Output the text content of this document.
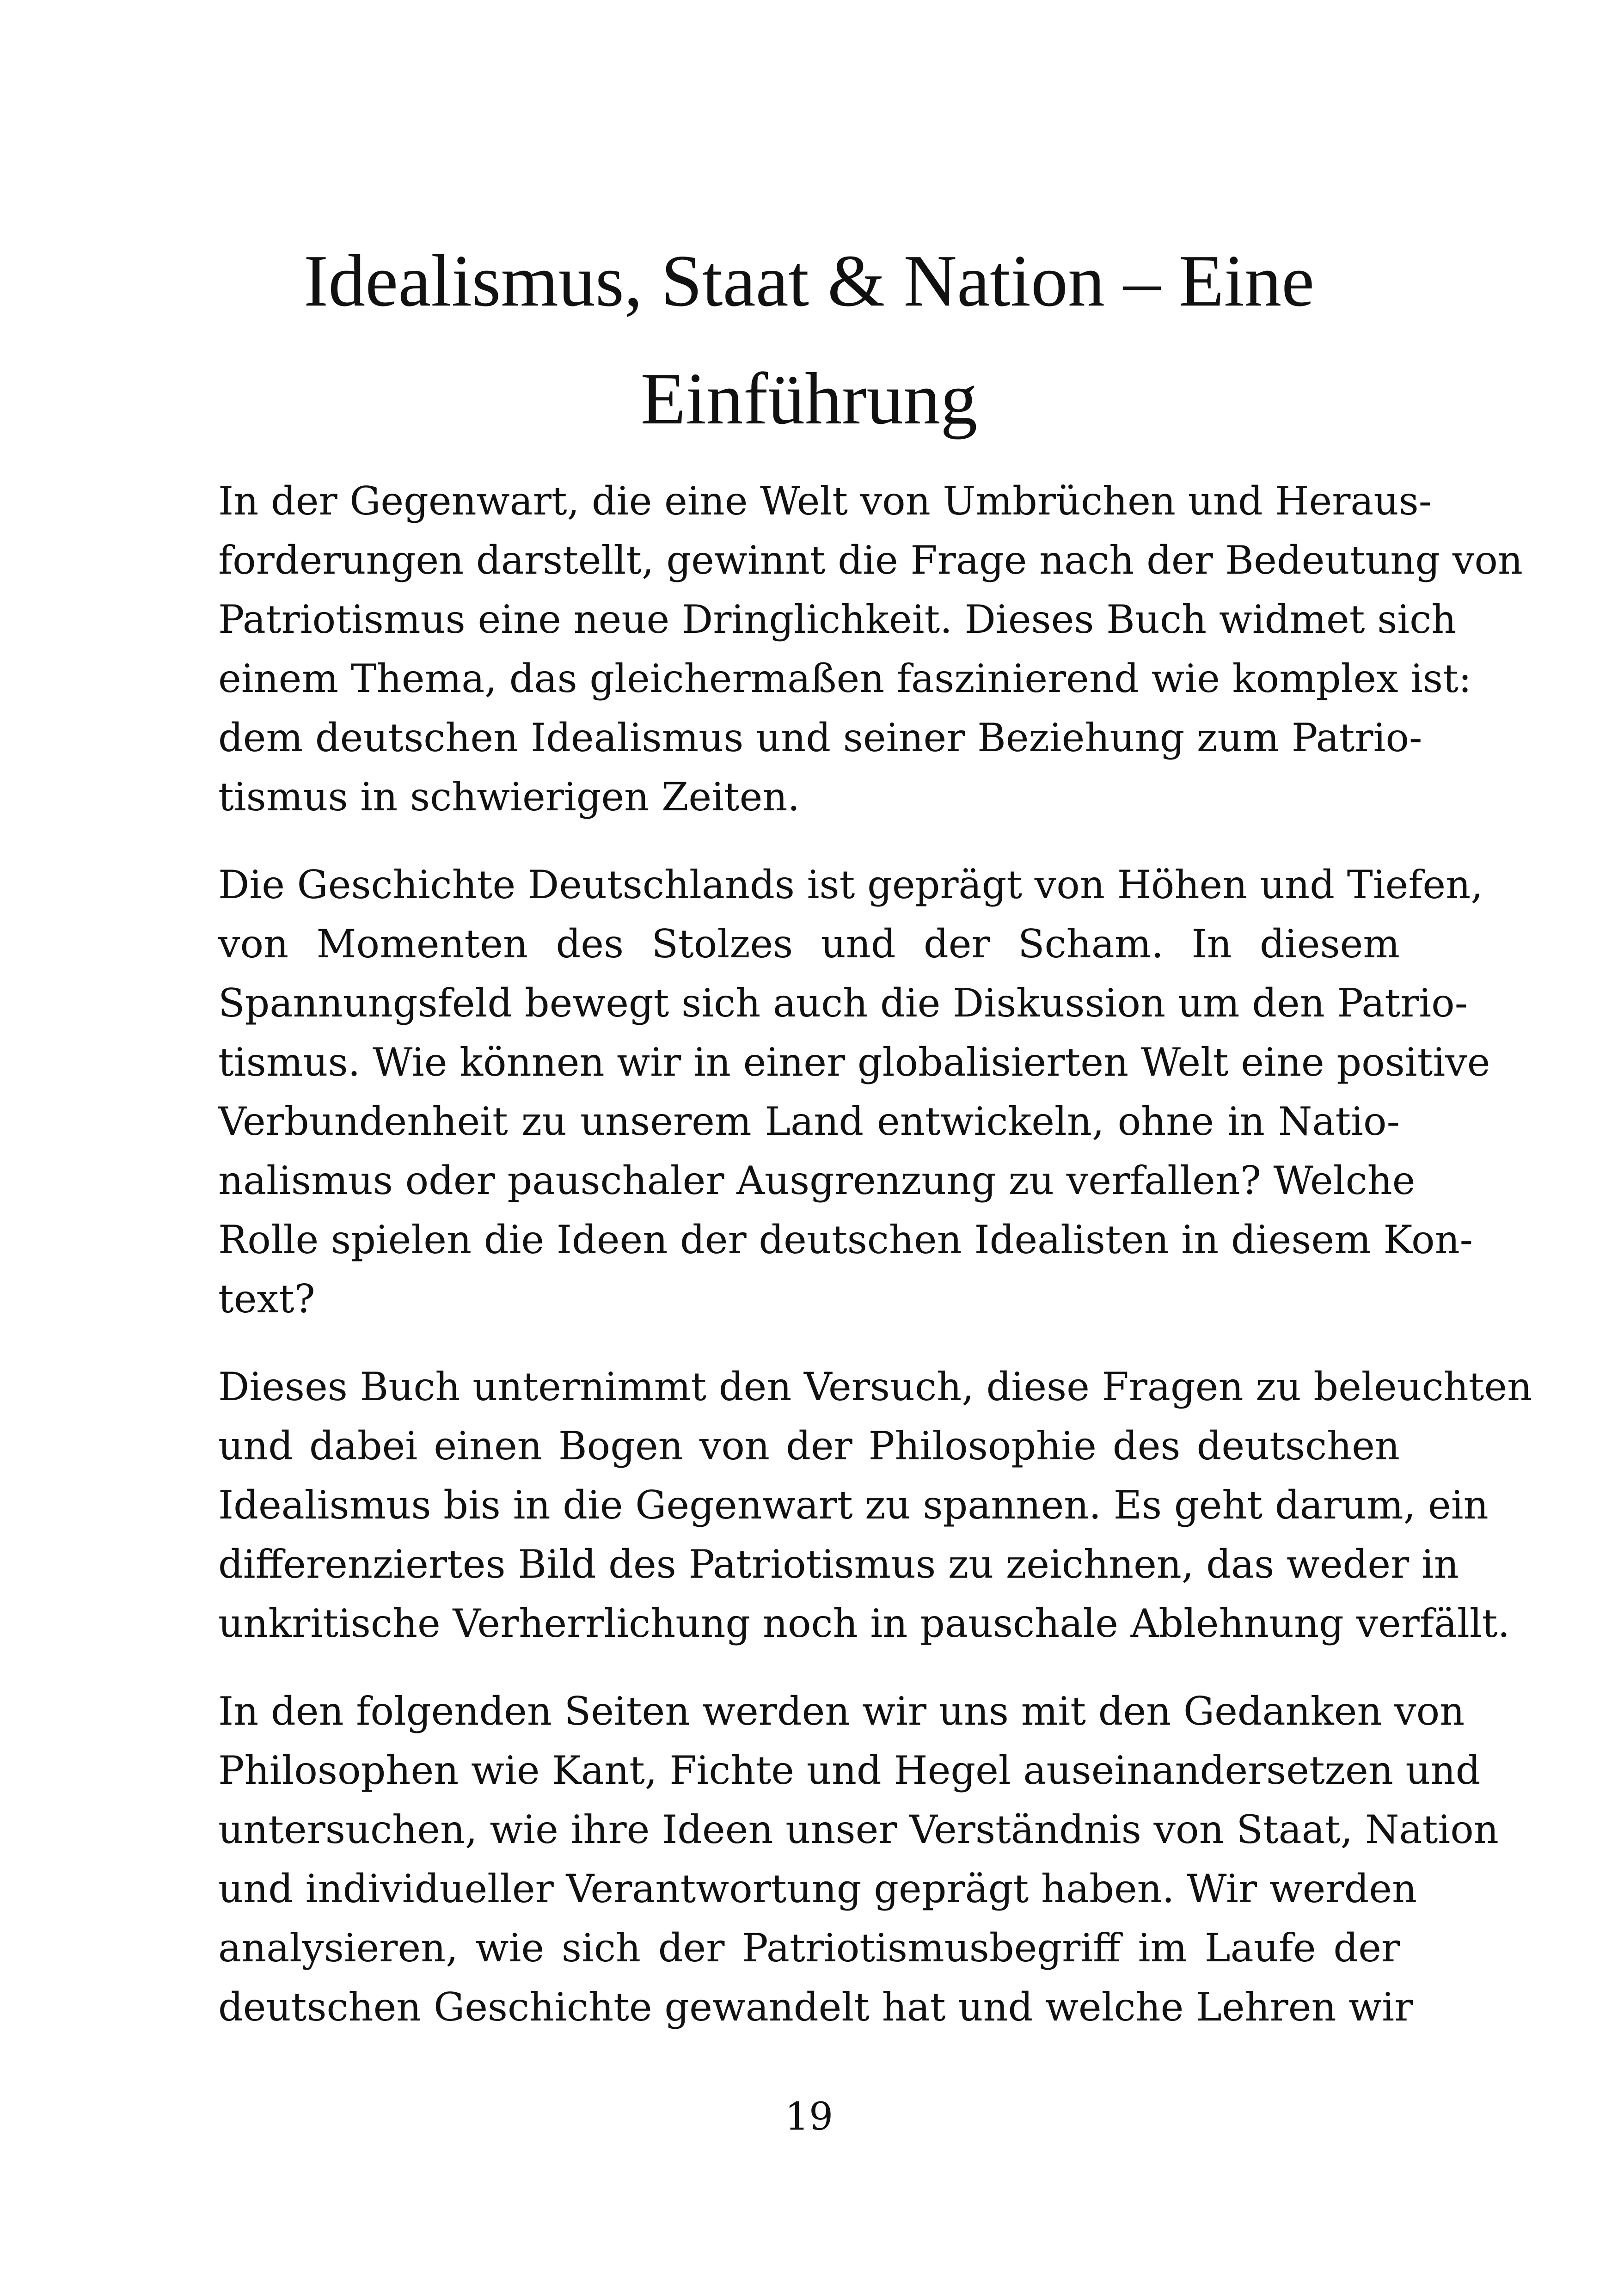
Idealismus, Staat & Nation – Eine
Einführung

In der Gegenwart, die eine Welt von Umbrüchen und Heraus-
forderungen darstellt, gewinnt die Frage nach der Bedeutung von
Patriotismus eine neue Dringlichkeit. Dieses Buch widmet sich
einem Thema, das gleichermaßen faszinierend wie komplex ist:
dem deutschen Idealismus und seiner Beziehung zum Patrio-
tismus in schwierigen Zeiten.

Die Geschichte Deutschlands ist geprägt von Höhen und Tiefen,
von Momenten des Stolzes und der Scham. In diesem
Spannungsfeld bewegt sich auch die Diskussion um den Patrio-
tismus. Wie können wir in einer globalisierten Welt eine positive
Verbundenheit zu unserem Land entwickeln, ohne in Natio-
nalismus oder pauschaler Ausgrenzung zu verfallen? Welche
Rolle spielen die Ideen der deutschen Idealisten in diesem Kon-
text?

Dieses Buch unternimmt den Versuch, diese Fragen zu beleuchten
und dabei einen Bogen von der Philosophie des deutschen
Idealismus bis in die Gegenwart zu spannen. Es geht darum, ein
differenziertes Bild des Patriotismus zu zeichnen, das weder in
unkritische Verherrlichung noch in pauschale Ablehnung verfällt.

In den folgenden Seiten werden wir uns mit den Gedanken von
Philosophen wie Kant, Fichte und Hegel auseinandersetzen und
untersuchen, wie ihre Ideen unser Verständnis von Staat, Nation
und individueller Verantwortung geprägt haben. Wir werden
analysieren, wie sich der Patriotismusbegriff im Laufe der
deutschen Geschichte gewandelt hat und welche Lehren wir

19
